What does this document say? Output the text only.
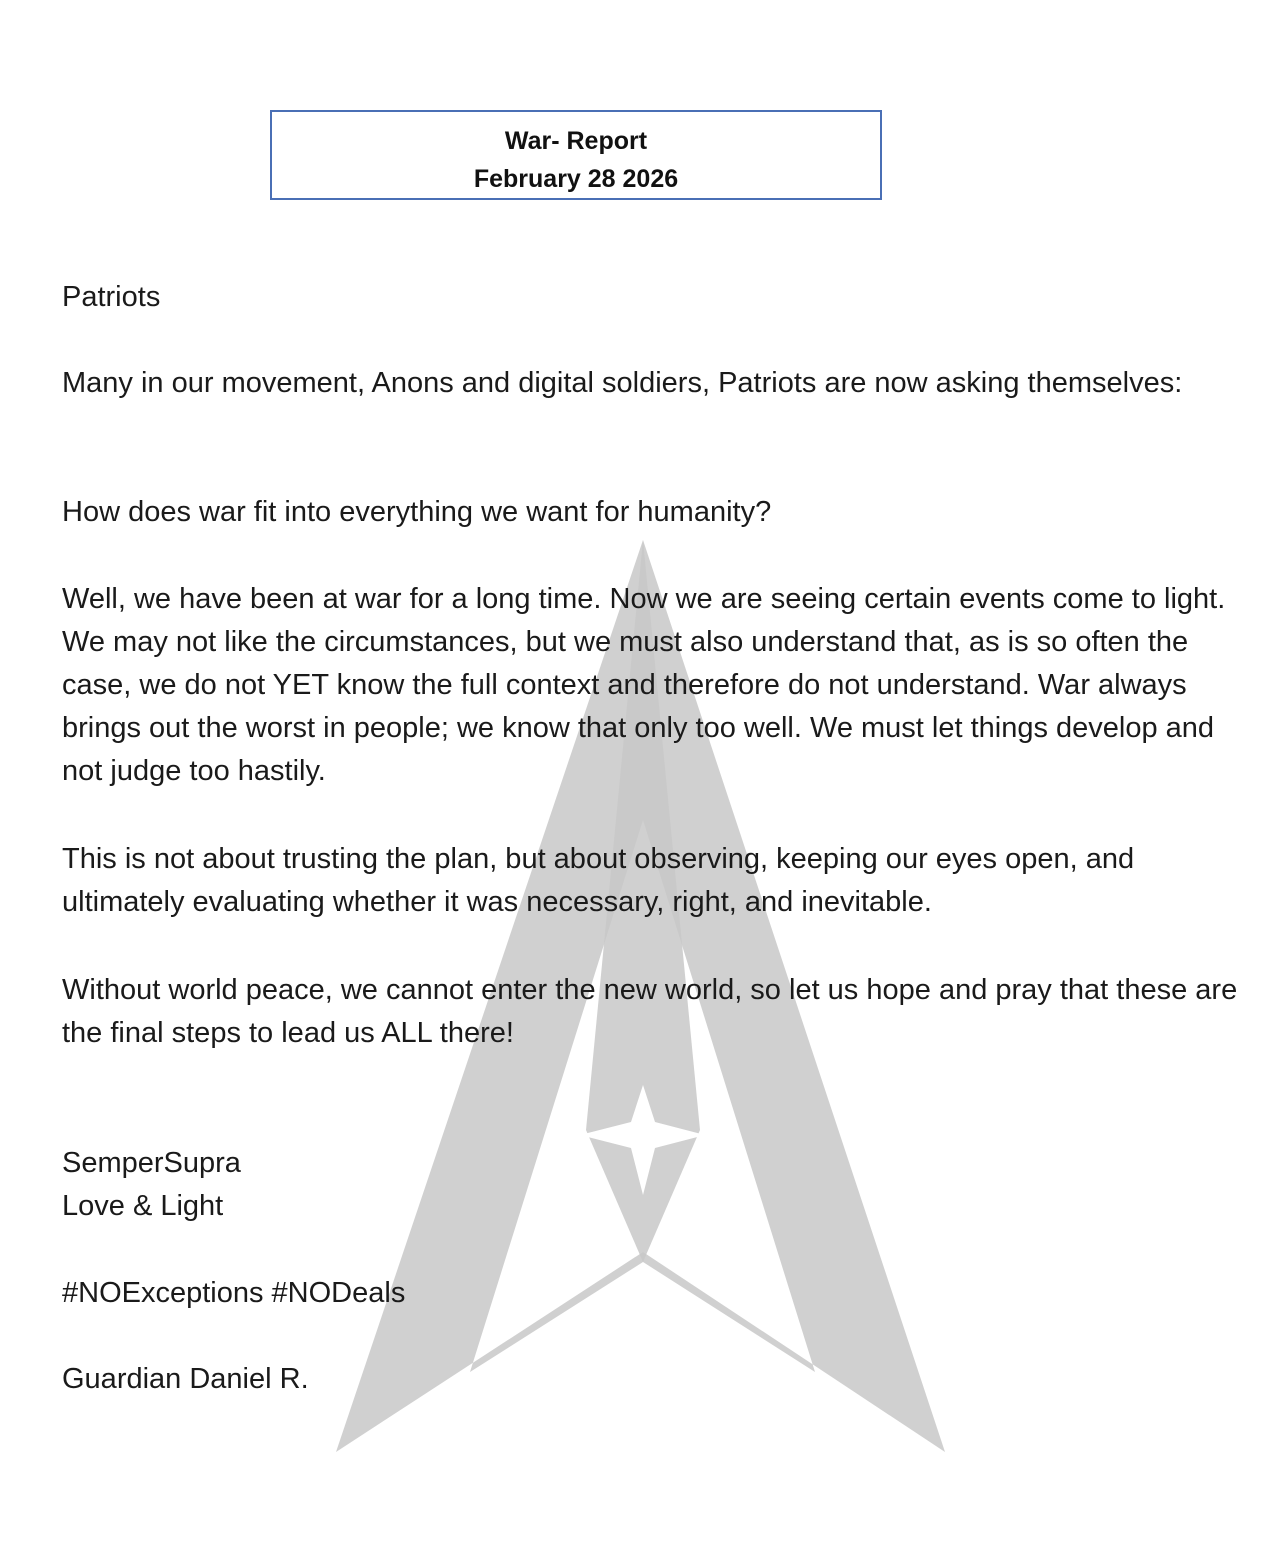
War- Report
February 28 2026

Patriots

Many in our movement, Anons and digital soldiers, Patriots are now asking themselves:

How does war fit into everything we want for humanity?

Well, we have been at war for a long time. Now we are seeing certain events come to light. We may not like the circumstances, but we must also understand that, as is so often the case, we do not YET know the full context and therefore do not understand. War always brings out the worst in people; we know that only too well. We must let things develop and not judge too hastily.

This is not about trusting the plan, but about observing, keeping our eyes open, and ultimately evaluating whether it was necessary, right, and inevitable.

Without world peace, we cannot enter the new world, so let us hope and pray that these are the final steps to lead us ALL there!

SemperSupra

Love & Light

#NOExceptions #NODeals

Guardian Daniel R.
